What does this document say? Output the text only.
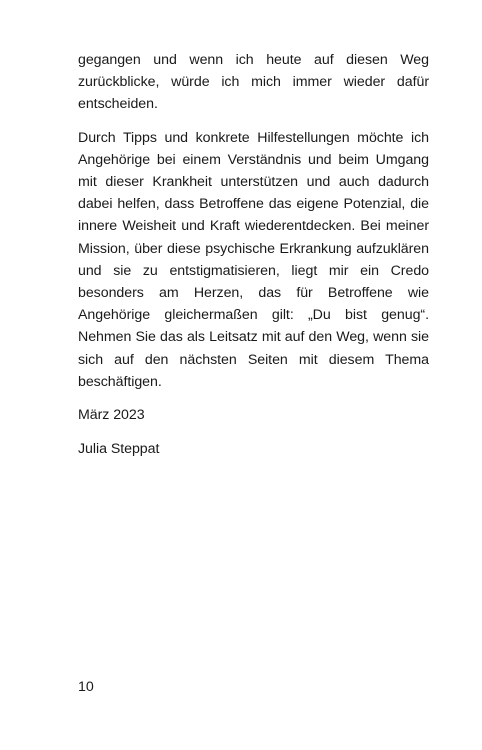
gegangen und wenn ich heute auf diesen Weg zurückblicke, würde ich mich immer wieder dafür entscheiden.

Durch Tipps und konkrete Hilfestellungen möchte ich Angehörige bei einem Verständnis und beim Umgang mit dieser Krankheit unterstützen und auch dadurch dabei helfen, dass Betroffene das eigene Potenzial, die innere Weisheit und Kraft wiederentdecken. Bei meiner Mission, über diese psychische Erkrankung aufzuklären und sie zu entstigmatisieren, liegt mir ein Credo besonders am Herzen, das für Betroffene wie Angehörige gleichermaßen gilt: „Du bist genug“. Nehmen Sie das als Leitsatz mit auf den Weg, wenn sie sich auf den nächsten Seiten mit diesem Thema beschäftigen.

März 2023

Julia Steppat

10
